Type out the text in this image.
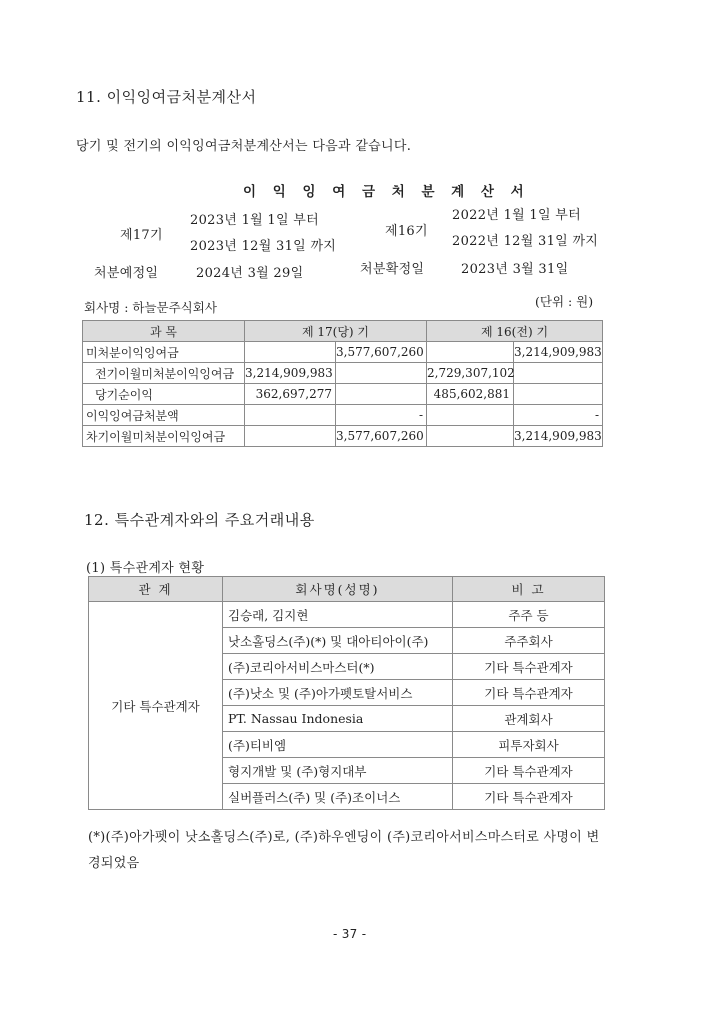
11. 이익잉여금처분계산서
당기 및 전기의 이익잉여금처분계산서는 다음과 같습니다.
이 익 잉 여 금 처 분 계 산 서
제17기
2023년 1월 1일 부터
2023년 12월 31일 까지
제16기
2022년 1월 1일 부터
2022년 12월 31일 까지
처분예정일	2024년 3월 29일	처분확정일	2023년 3월 31일
회사명 : 하늘문주식회사	(단위 : 원)
과 목	제 17(당) 기		제 16(전) 기	
미처분이익잉여금		3,577,607,260		3,214,909,983
전기이월미처분이익잉여금	3,214,909,983		2,729,307,102	
당기순이익	362,697,277		485,602,881	
이익잉여금처분액		-		-
차기이월미처분이익잉여금		3,577,607,260		3,214,909,983
12. 특수관계자와의 주요거래내용
(1) 특수관계자 현황
관 계	회사명(성명)	비 고
기타 특수관계자	김승래, 김지현	주주 등
	낫소홀딩스(주)(*) 및 대아티아이(주)	주주회사
	(주)코리아서비스마스터(*)	기타 특수관계자
	(주)낫소 및 (주)아가펫토탈서비스	기타 특수관계자
	PT. Nassau Indonesia	관계회사
	(주)티비엠	피투자회사
	형지개발 및 (주)형지대부	기타 특수관계자
	실버플러스(주) 및 (주)조이너스	기타 특수관계자
(*)(주)아가펫이 낫소홀딩스(주)로, (주)하우엔딩이 (주)코리아서비스마스터로 사명이 변
경되었음
- 37 -
